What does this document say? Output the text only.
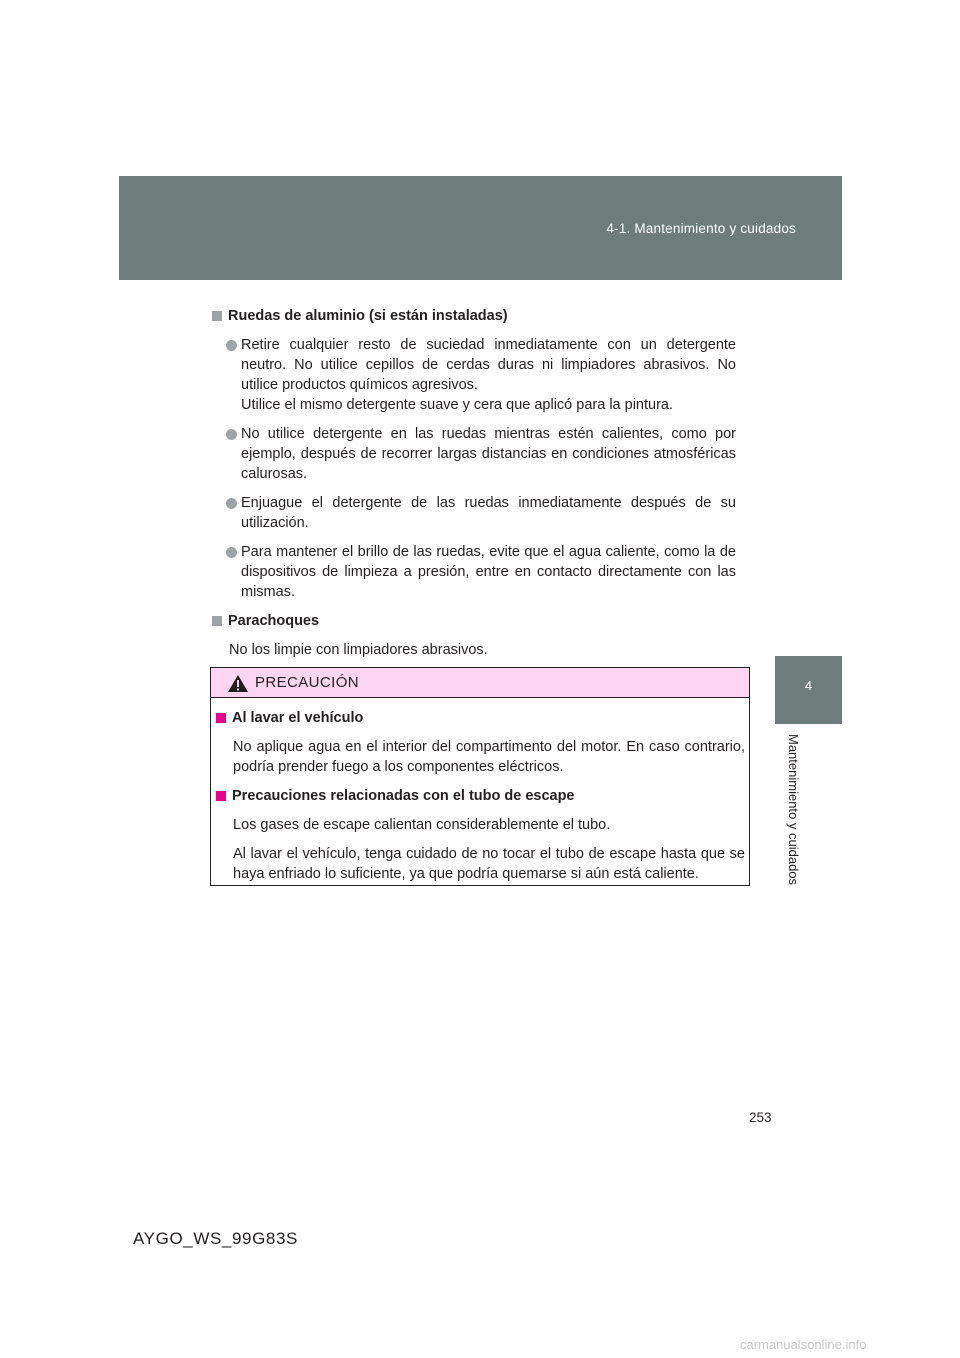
4-1. Mantenimiento y cuidados
4
Mantenimiento y cuidados
Ruedas de aluminio (si están instaladas)

Retire cualquier resto de suciedad inmediatamente con un detergente neutro. No utilice cepillos de cerdas duras ni limpiadores abrasivos. No utilice productos químicos agresivos.

Utilice el mismo detergente suave y cera que aplicó para la pintura.

No utilice detergente en las ruedas mientras estén calientes, como por ejemplo, después de recorrer largas distancias en condiciones atmosféricas calurosas.

Enjuague el detergente de las ruedas inmediatamente después de su utilización.

Para mantener el brillo de las ruedas, evite que el agua caliente, como la de dispositivos de limpieza a presión, entre en contacto directamente con las mismas.

Parachoques

No los limpie con limpiadores abrasivos.

PRECAUCIÓN
Al lavar el vehículo

No aplique agua en el interior del compartimento del motor. En caso contrario, podría prender fuego a los componentes eléctricos.

Precauciones relacionadas con el tubo de escape

Los gases de escape calientan considerablemente el tubo.

Al lavar el vehículo, tenga cuidado de no tocar el tubo de escape hasta que se haya enfriado lo suficiente, ya que podría quemarse si aún está caliente.

253
AYGO_WS_99G83S
carmanualsonline.info
